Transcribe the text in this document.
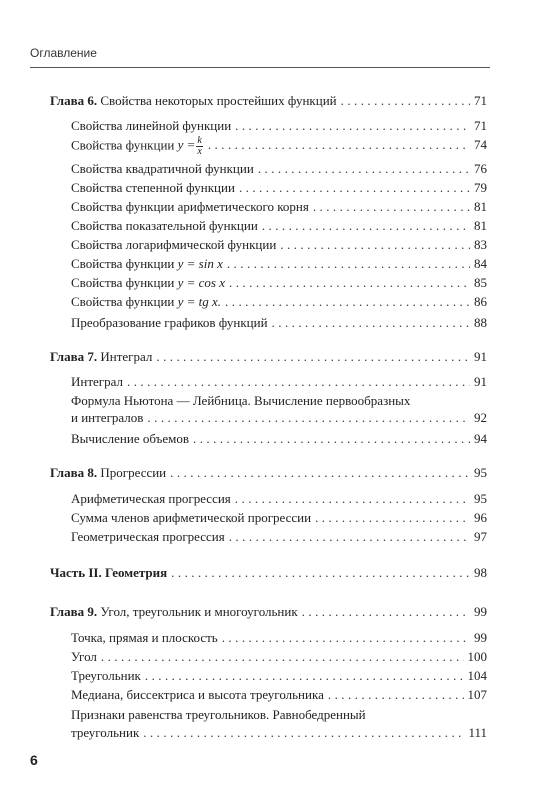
Оглавление
Глава 6. Свойства некоторых простейших функций . . .	71
Свойства линейной функции . . .	71
Свойства функции $y = \frac{k}{x}$ . . .	74
Свойства квадратичной функции . . .	76
Свойства степенной функции . . .	79
Свойства функции арифметического корня . . .	81
Свойства показательной функции . . .	81
Свойства логарифмической функции . . .	83
Свойства функции y = sin x . . .	84
Свойства функции y = cos x . . .	85
Свойства функции y = tg x. . . .	86
Преобразование графиков функций . . .	88
Глава 7. Интеграл . . .	91
Интеграл . . .	91
Формула Ньютона — Лейбница. Вычисление первообразных
и интегралов . . .	92
Вычисление объемов . . .	94
Глава 8. Прогрессии . . .	95
Арифметическая прогрессия . . .	95
Сумма членов арифметической прогрессии . . .	96
Геометрическая прогрессия . . .	97
Часть II. Геометрия . . .	98
Глава 9. Угол, треугольник и многоугольник . . .	99
Точка, прямая и плоскость . . .	99
Угол . . .	100
Треугольник . . .	104
Медиана, биссектриса и высота треугольника . . .	107
Признаки равенства треугольников. Равнобедренный
треугольник . . .	111
6
